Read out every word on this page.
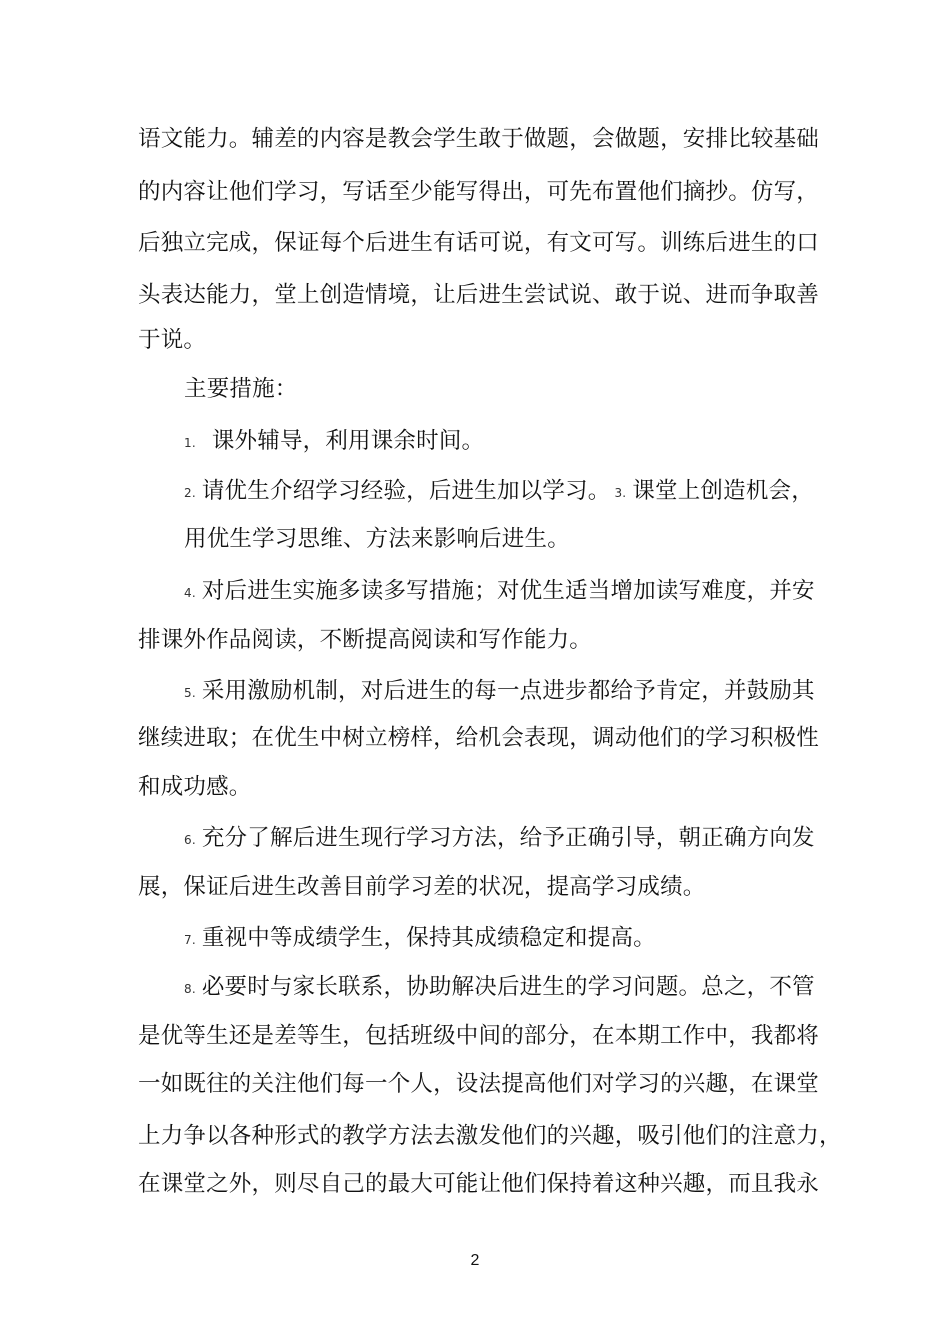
语文能力。辅差的内容是教会学生敢于做题，会做题，安排比较基础
的内容让他们学习，写话至少能写得出，可先布置他们摘抄。仿写，
后独立完成，保证每个后进生有话可说，有文可写。训练后进生的口
头表达能力，堂上创造情境，让后进生尝试说、敢于说、进而争取善
于说。
主要措施：
1. 课外辅导，利用课余时间。
2. 请优生介绍学习经验，后进生加以学习。 3. 课堂上创造机会，
用优生学习思维、方法来影响后进生。
4. 对后进生实施多读多写措施；对优生适当增加读写难度，并安
排课外作品阅读，不断提高阅读和写作能力。
5. 采用激励机制，对后进生的每一点进步都给予肯定，并鼓励其
继续进取；在优生中树立榜样，给机会表现，调动他们的学习积极性
和成功感。
6. 充分了解后进生现行学习方法，给予正确引导，朝正确方向发
展，保证后进生改善目前学习差的状况，提高学习成绩。
7. 重视中等成绩学生，保持其成绩稳定和提高。
8. 必要时与家长联系，协助解决后进生的学习问题。总之，不管
是优等生还是差等生，包括班级中间的部分，在本期工作中，我都将
一如既往的关注他们每一个人，设法提高他们对学习的兴趣，在课堂
上力争以各种形式的教学方法去激发他们的兴趣，吸引他们的注意力，
在课堂之外，则尽自己的最大可能让他们保持着这种兴趣，而且我永
2
